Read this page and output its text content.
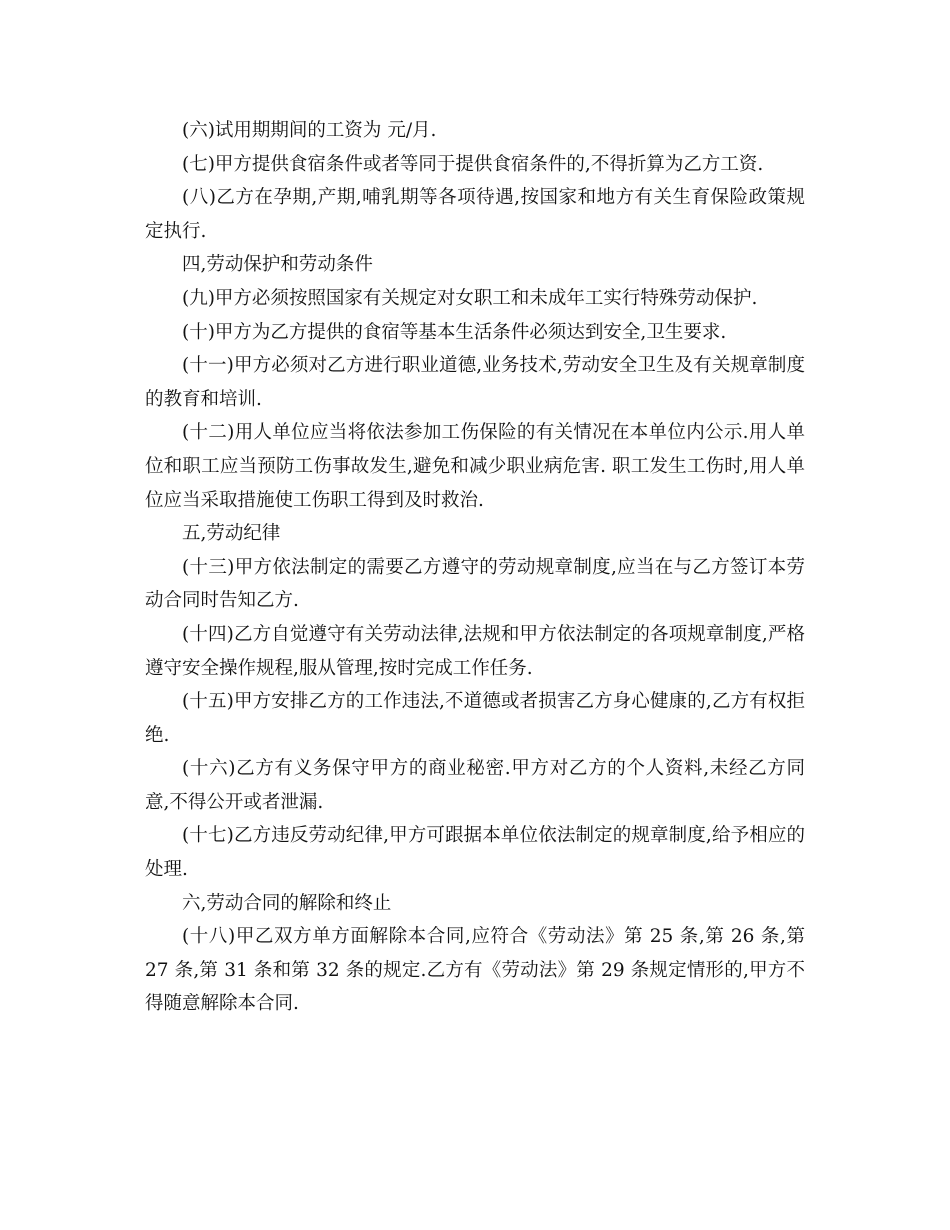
(六)试用期期间的工资为 元/月.

(七)甲方提供食宿条件或者等同于提供食宿条件的,不得折算为乙方工资.

(八)乙方在孕期,产期,哺乳期等各项待遇,按国家和地方有关生育保险政策规定执行.

四,劳动保护和劳动条件

(九)甲方必须按照国家有关规定对女职工和未成年工实行特殊劳动保护.

(十)甲方为乙方提供的食宿等基本生活条件必须达到安全,卫生要求.

(十一)甲方必须对乙方进行职业道德,业务技术,劳动安全卫生及有关规章制度的教育和培训.

(十二)用人单位应当将依法参加工伤保险的有关情况在本单位内公示.用人单位和职工应当预防工伤事故发生,避免和减少职业病危害. 职工发生工伤时,用人单位应当采取措施使工伤职工得到及时救治.

五,劳动纪律

(十三)甲方依法制定的需要乙方遵守的劳动规章制度,应当在与乙方签订本劳动合同时告知乙方.

(十四)乙方自觉遵守有关劳动法律,法规和甲方依法制定的各项规章制度,严格遵守安全操作规程,服从管理,按时完成工作任务.

(十五)甲方安排乙方的工作违法,不道德或者损害乙方身心健康的,乙方有权拒绝.

(十六)乙方有义务保守甲方的商业秘密.甲方对乙方的个人资料,未经乙方同意,不得公开或者泄漏.

(十七)乙方违反劳动纪律,甲方可跟据本单位依法制定的规章制度,给予相应的处理.

六,劳动合同的解除和终止

(十八)甲乙双方单方面解除本合同,应符合《劳动法》第 25 条,第 26 条,第 27 条,第 31 条和第 32 条的规定.乙方有《劳动法》第 29 条规定情形的,甲方不得随意解除本合同.
